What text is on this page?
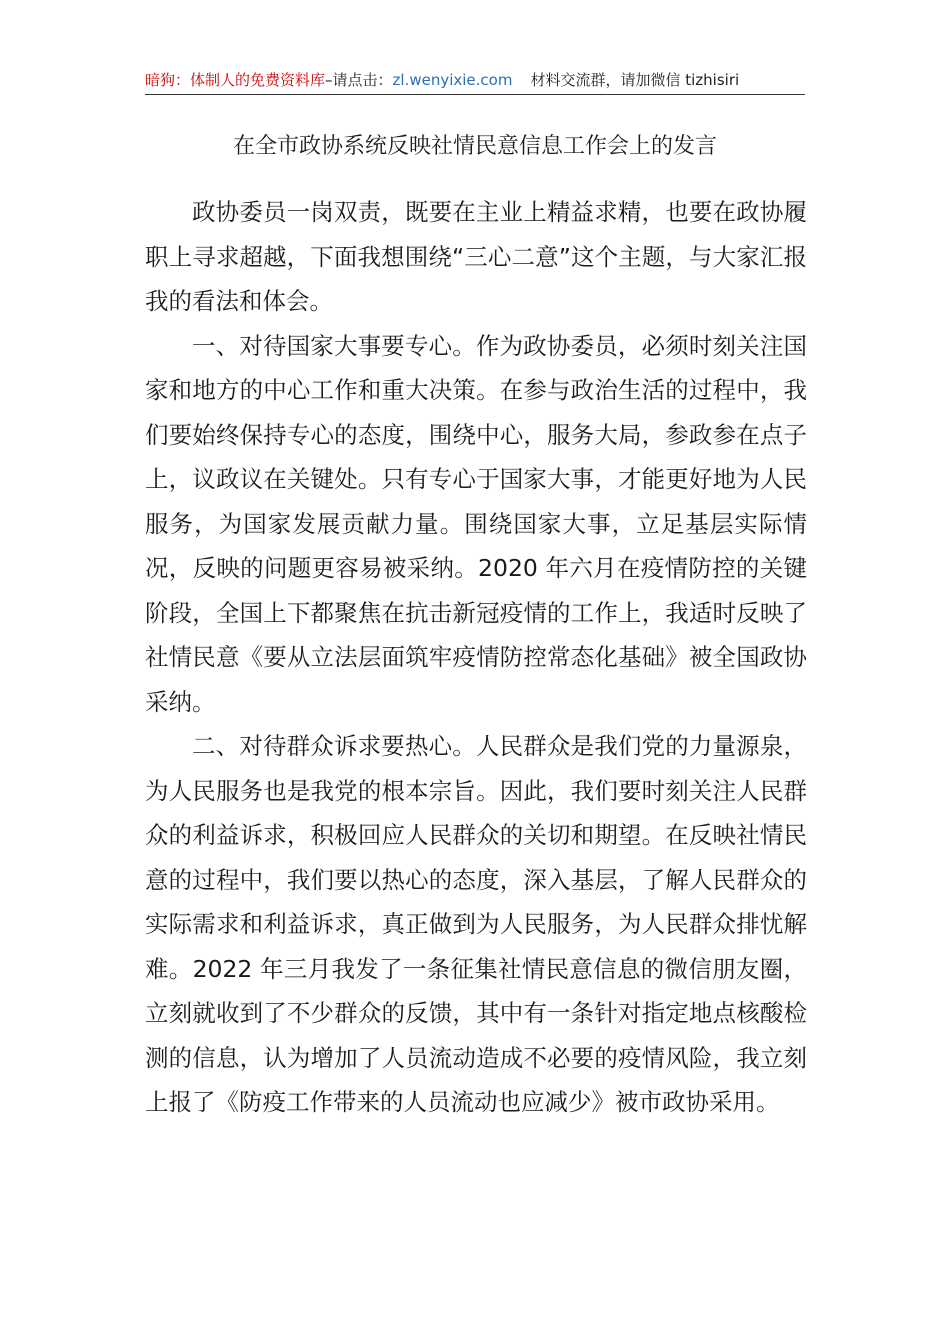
暗狗：体制人的免费资料库–请点击：zl.wenyixie.com 材料交流群，请加微信 tizhisiri
在全市政协系统反映社情民意信息工作会上的发言

政协委员一岗双责，既要在主业上精益求精，也要在政协履职上寻求超越，下面我想围绕“三心二意”这个主题，与大家汇报我的看法和体会。

一、对待国家大事要专心。作为政协委员，必须时刻关注国家和地方的中心工作和重大决策。在参与政治生活的过程中，我们要始终保持专心的态度，围绕中心，服务大局，参政参在点子上，议政议在关键处。只有专心于国家大事，才能更好地为人民服务，为国家发展贡献力量。围绕国家大事，立足基层实际情况，反映的问题更容易被采纳。2020 年六月在疫情防控的关键阶段，全国上下都聚焦在抗击新冠疫情的工作上，我适时反映了社情民意《要从立法层面筑牢疫情防控常态化基础》被全国政协采纳。

二、对待群众诉求要热心。人民群众是我们党的力量源泉，为人民服务也是我党的根本宗旨。因此，我们要时刻关注人民群众的利益诉求，积极回应人民群众的关切和期望。在反映社情民意的过程中，我们要以热心的态度，深入基层，了解人民群众的实际需求和利益诉求，真正做到为人民服务，为人民群众排忧解难。2022 年三月我发了一条征集社情民意信息的微信朋友圈，立刻就收到了不少群众的反馈，其中有一条针对指定地点核酸检测的信息，认为增加了人员流动造成不必要的疫情风险，我立刻上报了《防疫工作带来的人员流动也应减少》被市政协采用。
